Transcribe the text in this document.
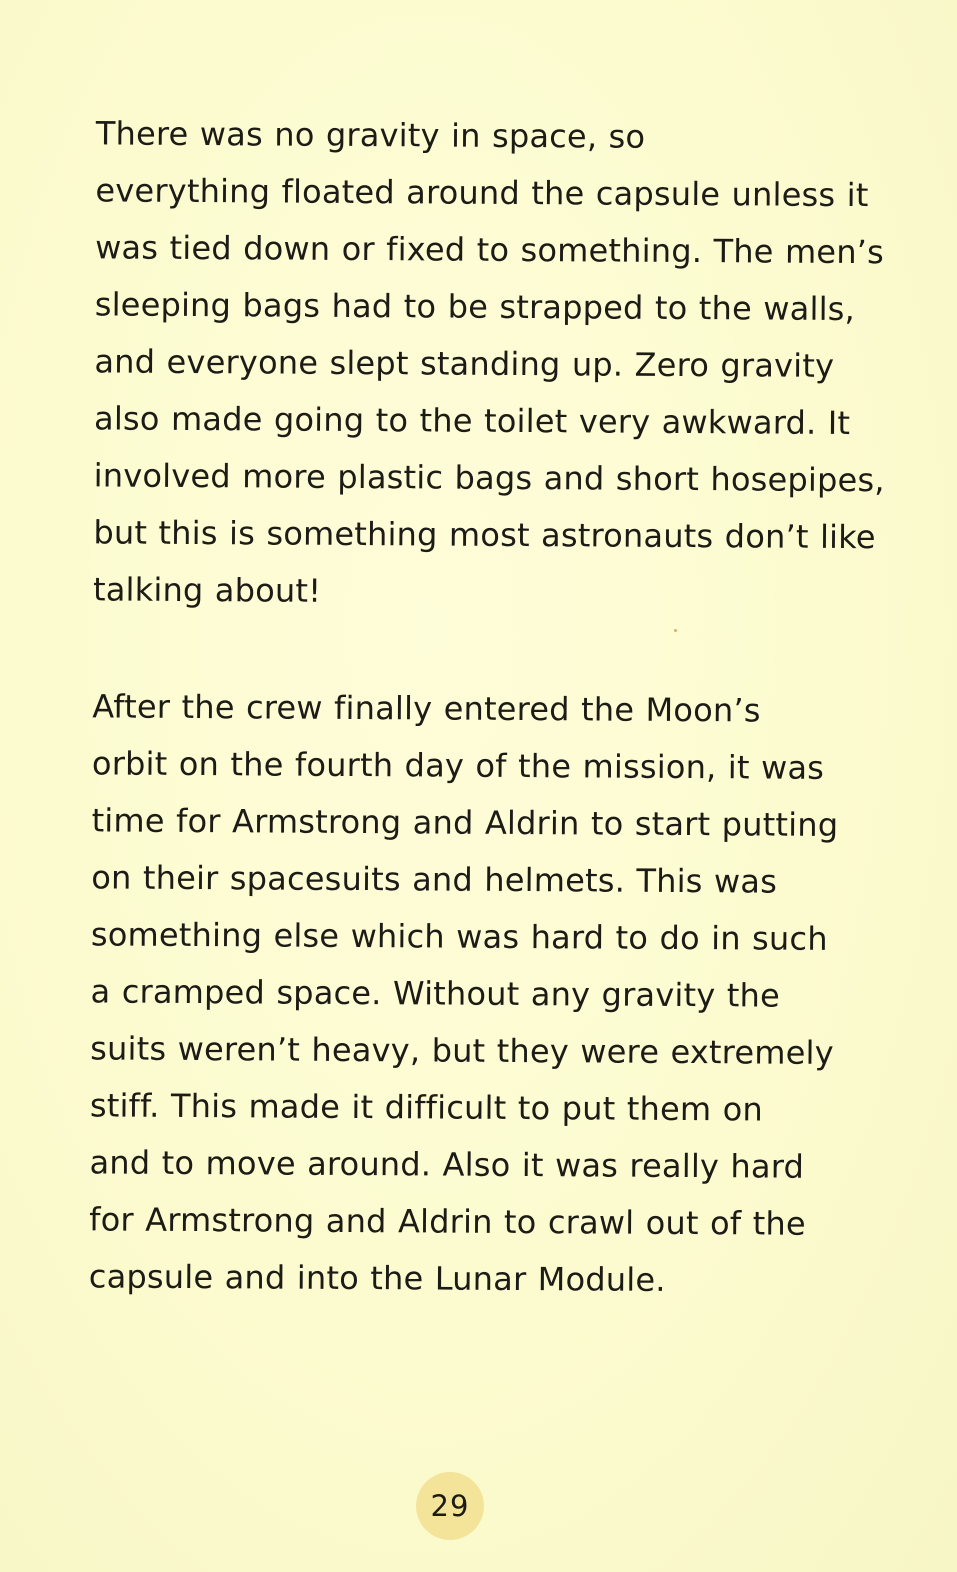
There was no gravity in space, so
everything floated around the capsule unless it
was tied down or fixed to something. The men’s
sleeping bags had to be strapped to the walls,
and everyone slept standing up. Zero gravity
also made going to the toilet very awkward. It
involved more plastic bags and short hosepipes,
but this is something most astronauts don’t like
talking about!

After the crew finally entered the Moon’s
orbit on the fourth day of the mission, it was
time for Armstrong and Aldrin to start putting
on their spacesuits and helmets. This was
something else which was hard to do in such
a cramped space. Without any gravity the
suits weren’t heavy, but they were extremely
stiff. This made it difficult to put them on
and to move around. Also it was really hard
for Armstrong and Aldrin to crawl out of the
capsule and into the Lunar Module.

29
